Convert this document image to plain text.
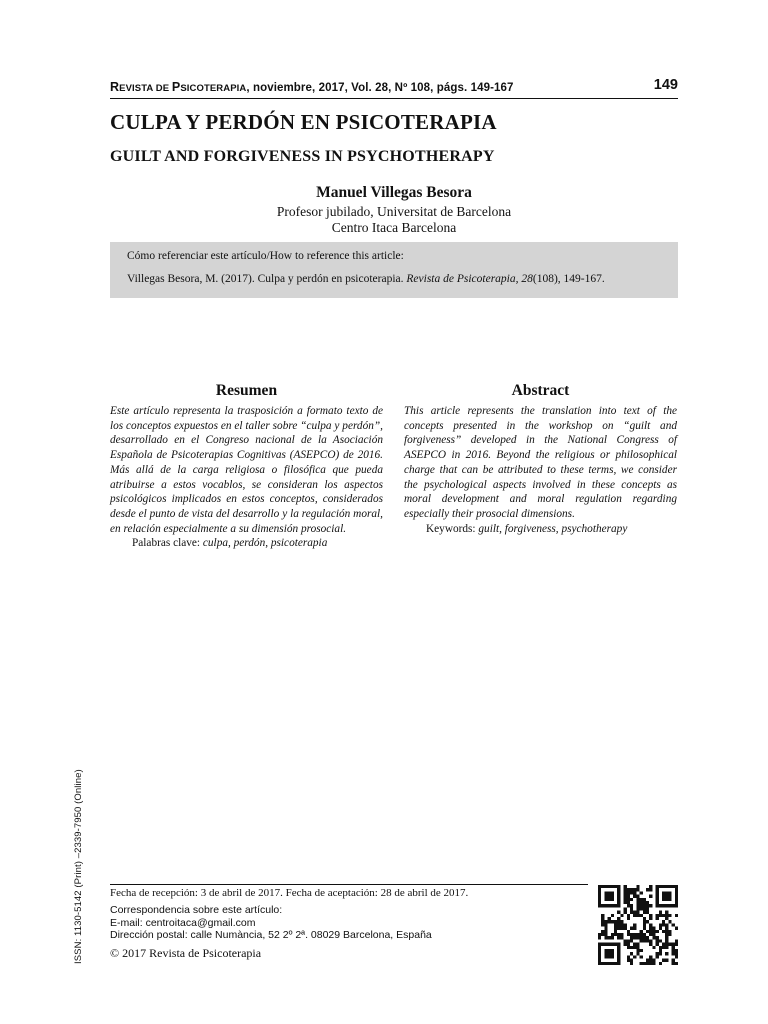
REVISTA DE PSICOTERAPIA, noviembre, 2017, Vol. 28, Nº 108, págs. 149-167	149
CULPA Y PERDÓN EN PSICOTERAPIA
GUILT AND FORGIVENESS IN PSYCHOTHERAPY
Manuel Villegas Besora
Profesor jubilado, Universitat de Barcelona
Centro Itaca Barcelona
Cómo referenciar este artículo/How to reference this article:
Villegas Besora, M. (2017). Culpa y perdón en psicoterapia. Revista de Psicoterapia, 28(108), 149-167.
Resumen
Este artículo representa la trasposición a formato texto de los conceptos expuestos en el taller sobre “culpa y perdón”, desarrollado en el Congreso nacional de la Asociación Española de Psicoterapias Cognitivas (ASEPCO) de 2016. Más allá de la carga religiosa o filosófica que pueda atribuirse a estos vocablos, se consideran los aspectos psicológicos implicados en estos conceptos, considerados desde el punto de vista del desarrollo y la regulación moral, en relación especialmente a su dimensión prosocial.
Palabras clave: culpa, perdón, psicoterapia
Abstract
This article represents the translation into text of the concepts presented in the workshop on “guilt and forgiveness” developed in the National Congress of ASEPCO in 2016. Beyond the religious or philosophical charge that can be attributed to these terms, we consider the psychological aspects involved in these concepts as moral development and moral regulation regarding especially their prosocial dimensions.
Keywords: guilt, forgiveness, psychotherapy
ISSN: 1130-5142 (Print) –2339-7950 (Online) Fecha de recepción: 3 de abril de 2017. Fecha de aceptación: 28 de abril de 2017.
Correspondencia sobre este artículo:
E-mail: centroitaca@gmail.com
Dirección postal: calle Numància, 52 2º 2ª. 08029 Barcelona, España
© 2017 Revista de Psicoterapia
